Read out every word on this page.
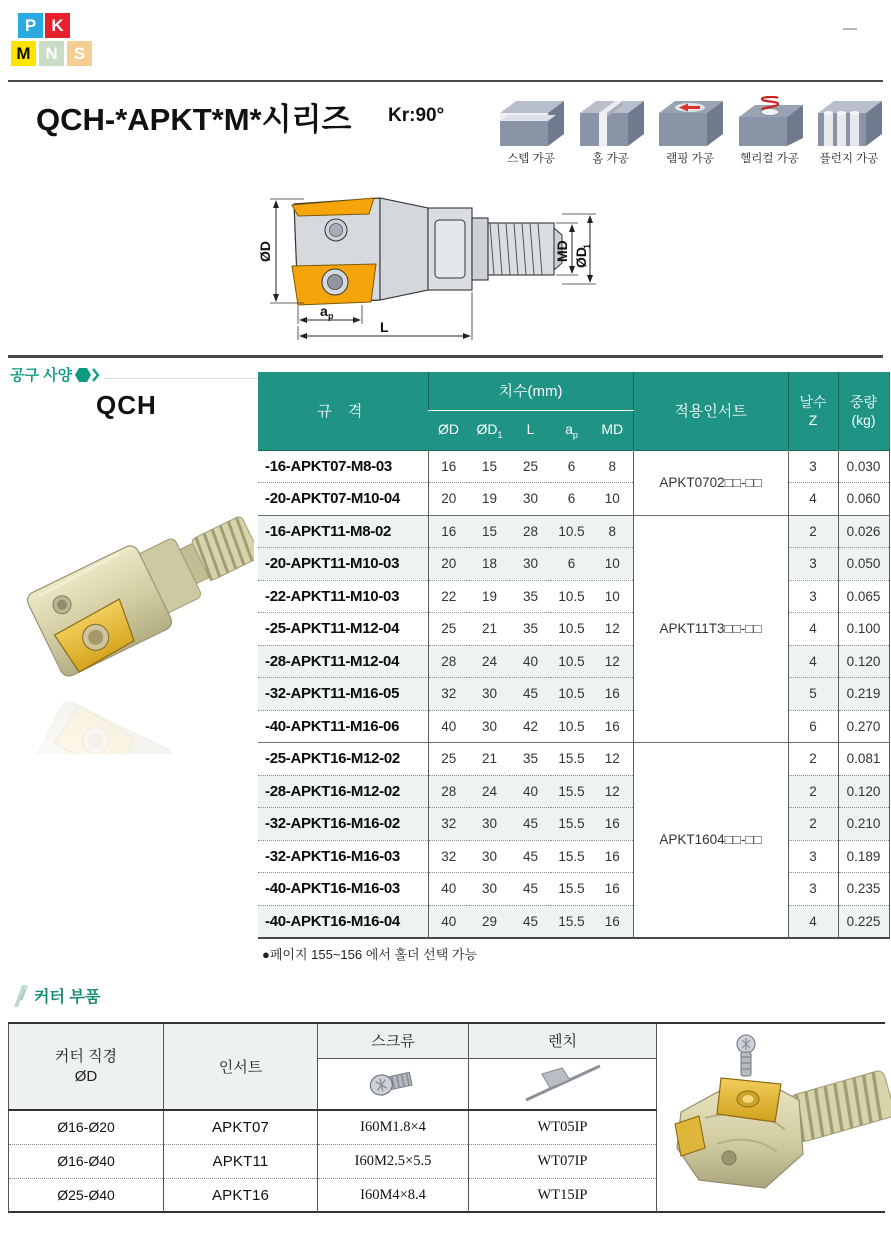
P K
M N S
QCH-*APKT*M*시리즈 Kr:90°
스텝 가공	홈 가공	램핑 가공	헬리컬 가공	플런지 가공
ØD	MD ØD
1
a p
L
공구 사양
QCH	규 격	치수(mm)	적용인서트	
날수
Z

중량
(kg)

	ØD	$ØD_1$	L	$a_p$	MD			
-16-APKT07-M8-03	16	15	25	6	8	APKT0702□□-□□	3	0.030
-20-APKT07-M10-04	20	19	30	6	10		4	0.060
-16-APKT11-M8-02	16	15	28	10.5	8	APKT11T3□□-□□	2	0.026
-20-APKT11-M10-03	20	18	30	6	10		3	0.050
-22-APKT11-M10-03	22	19	35	10.5	10		3	0.065
-25-APKT11-M12-04	25	21	35	10.5	12		4	0.100
-28-APKT11-M12-04	28	24	40	10.5	12		4	0.120
-32-APKT11-M16-05	32	30	45	10.5	16		5	0.219
-40-APKT11-M16-06	40	30	42	10.5	16		6	0.270
-25-APKT16-M12-02	25	21	35	15.5	12	APKT1604□□-□□	2	0.081
-28-APKT16-M12-02	28	24	40	15.5	12		2	0.120
-32-APKT16-M16-02	32	30	45	15.5	16		2	0.210
-32-APKT16-M16-03	32	30	45	15.5	16		3	0.189
-40-APKT16-M16-03	40	30	45	15.5	16		3	0.235
-40-APKT16-M16-04	40	29	45	15.5	16		4	0.225
●페이지 155~156 에서 홀더 선택 가능
커터 부품
커터 직경
ØD	인서트	스크류	렌치

Ø16-Ø20	APKT07	I60M1.8×4	WT05IP
Ø16-Ø40	APKT11	I60M2.5×5.5	WT07IP
Ø25-Ø40	APKT16	I60M4×8.4	WT15IP
